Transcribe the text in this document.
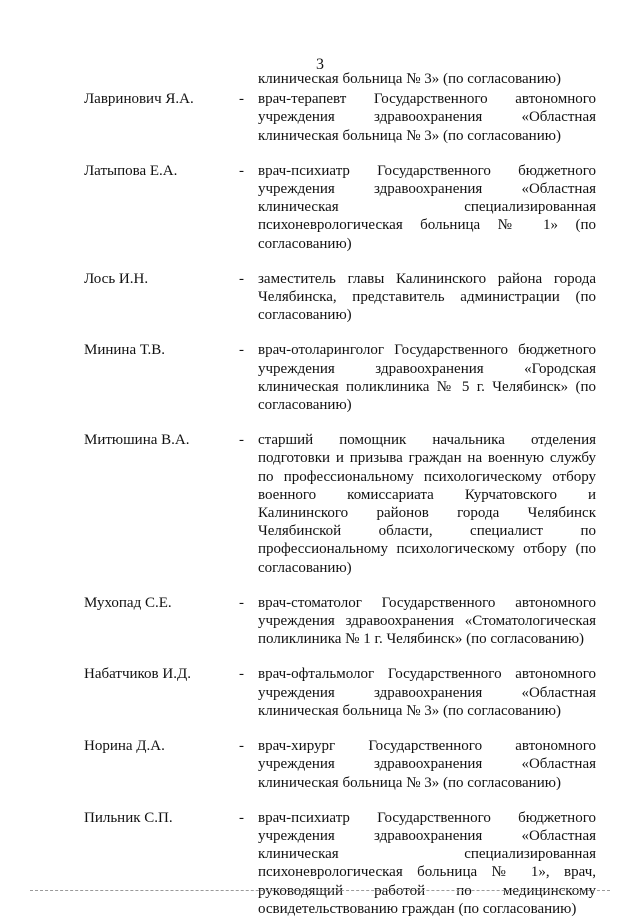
3
клиническая больница № 3» (по согласованию)
Лавринович Я.А.	- врач-терапевт Государственного автономного учреждения здравоохранения «Областная клиническая больница № 3» (по согласованию)
Латыпова Е.А.	- врач-психиатр Государственного бюджетного учреждения здравоохранения «Областная клиническая специализированная психоневрологическая больница № 1» (по согласованию)
Лось И.Н.	- заместитель главы Калининского района города Челябинска, представитель администрации (по согласованию)
Минина Т.В.	- врач-отоларинголог Государственного бюджетного учреждения здравоохранения «Городская клиническая поликлиника № 5 г. Челябинск» (по согласованию)
Митюшина В.А.	- старший помощник начальника отделения подготовки и призыва граждан на военную службу по профессиональному психологическому отбору военного комиссариата Курчатовского и Калининского районов города Челябинск Челябинской области, специалист по профессиональному психологическому отбору (по согласованию)
Мухопад С.Е.	- врач-стоматолог Государственного автономного учреждения здравоохранения «Стоматологическая поликлиника № 1 г. Челябинск» (по согласованию)
Набатчиков И.Д.	- врач-офтальмолог Государственного автономного учреждения здравоохранения «Областная клиническая больница № 3» (по согласованию)
Норина Д.А.	- врач-хирург Государственного автономного учреждения здравоохранения «Областная клиническая больница № 3» (по согласованию)
Пильник С.П.	- врач-психиатр Государственного бюджетного учреждения здравоохранения «Областная клиническая специализированная психоневрологическая больница № 1», врач, руководящий работой по медицинскому освидетельствованию граждан (по согласованию)
